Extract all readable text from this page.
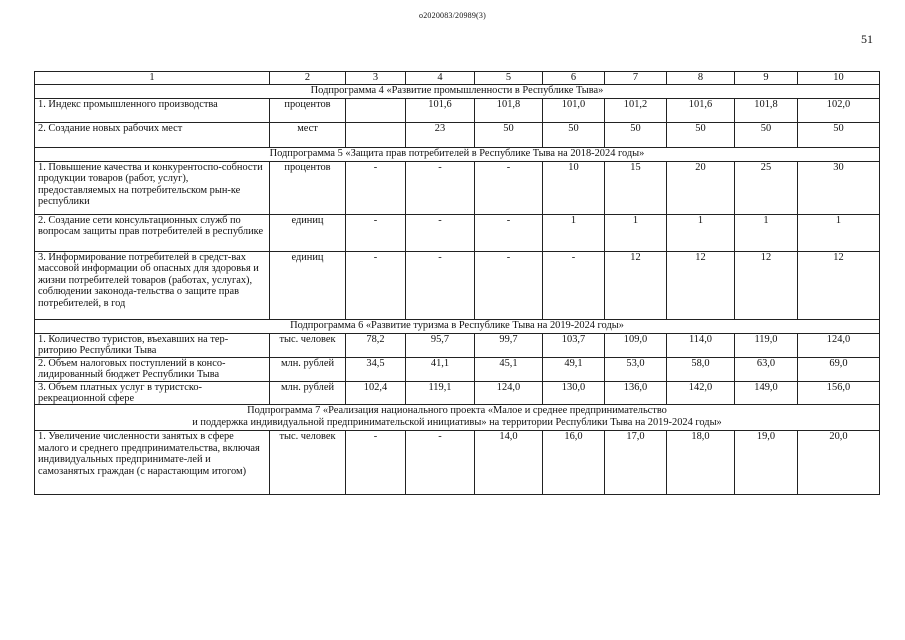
o2020083/20989(3)
51
1	2	3	4	5	6	7	8	9	10

Подпрограмма 4 «Развитие промышленности в Республике Тыва»									

1. Индекс промышленного производства	процентов		101,6	101,8	101,0	101,2	101,6	101,8	102,0
2. Создание новых рабочих мест	мест		23	50	50	50	50	50	50

Подпрограмма 5 «Защита прав потребителей в Республике Тыва на 2018-2024 годы»									

1. Повышение качества и конкурентоспо-собности продукции товаров (работ, услуг), предоставляемых на потребительском рын-ке республики	процентов	-	-	-	10	15	20	25	30
2. Создание сети консультационных служб по вопросам защиты прав потребителей в республике	единиц	-	-	-	1	1	1	1	1
3. Информирование потребителей в средст-вах массовой информации об опасных для здоровья и жизни потребителей товаров (работах, услугах), соблюдении законода-тельства о защите прав потребителей, в год	единиц	-	-	-	-	12	12	12	12

Подпрограмма 6 «Развитие туризма в Республике Тыва на 2019-2024 годы»									

1. Количество туристов, въехавших на тер-риторию Республики Тыва	тыс. человек	78,2	95,7	99,7	103,7	109,0	114,0	119,0	124,0
2. Объем налоговых поступлений в консо-лидированный бюджет Республики Тыва	млн. рублей	34,5	41,1	45,1	49,1	53,0	58,0	63,0	69,0
3. Объем платных услуг в туристско-рекреационной сфере	млн. рублей	102,4	119,1	124,0	130,0	136,0	142,0	149,0	156,0

Подпрограмма 7 «Реализация национального проекта «Малое и среднее предпринимательство
и поддержка индивидуальной предпринимательской инициативы» на территории Республики Тыва на 2019-2024 годы»									

1. Увеличение численности занятых в сфере малого и среднего предпринимательства, включая индивидуальных предпринимате-лей и самозанятых граждан (с нарастающим итогом)	тыс. человек	-	-	14,0	16,0	17,0	18,0	19,0	20,0
